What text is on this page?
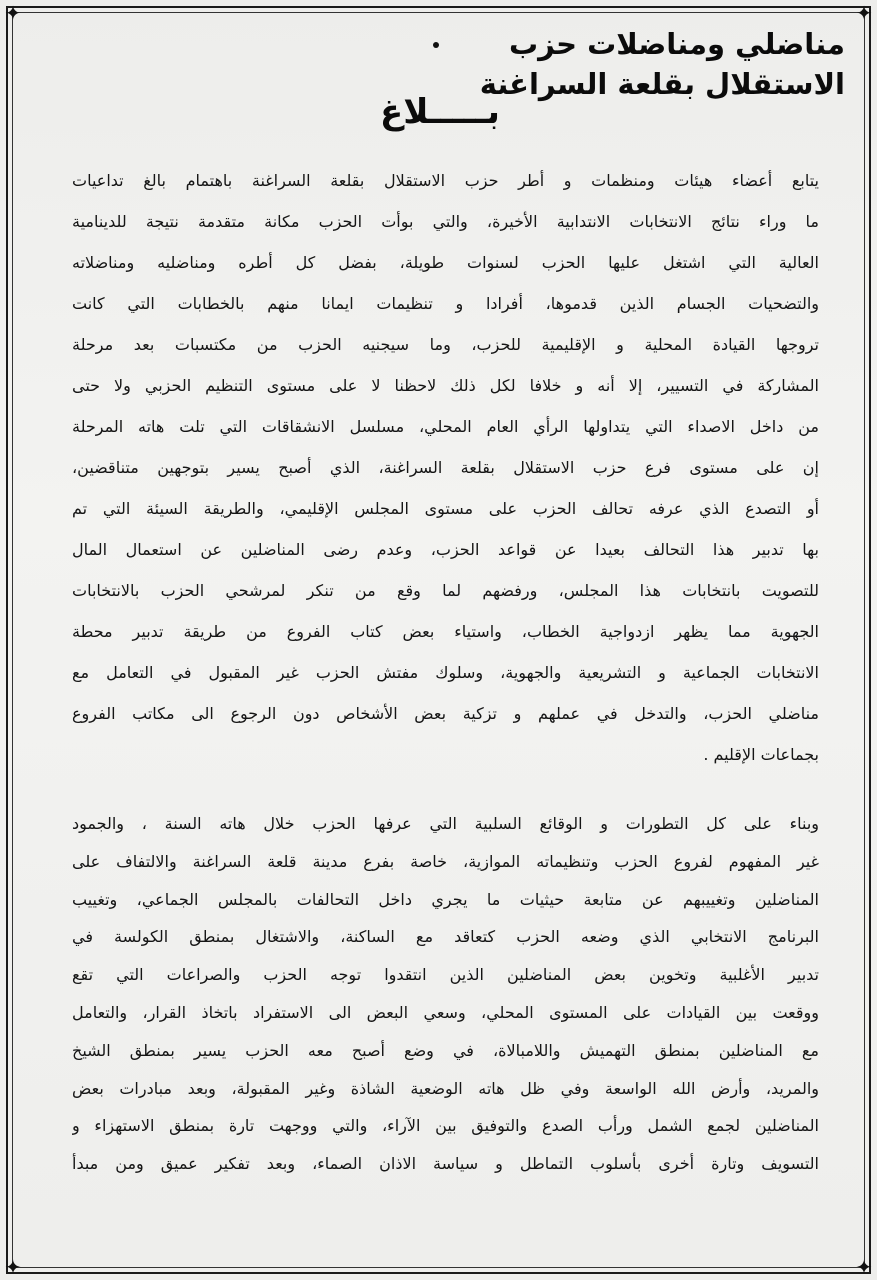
✦	✦
✦	✦
مناضلي ومناضلات حزب
الاستقلال بقلعة السراغنة
بـــــلاغ
يتابع أعضاء هيئات ومنظمات و أطر حزب الاستقلال بقلعة السراغنة باهتمام بالغ تداعيات
ما وراء نتائج الانتخابات الانتدابية الأخيرة، والتي بوأت الحزب مكانة متقدمة نتيجة للدينامية
العالية التي اشتغل عليها الحزب لسنوات طويلة، بفضل كل أطره ومناضليه ومناضلاته
والتضحيات الجسام الذين قدموها، أفرادا و تنظيمات ايمانا منهم بالخطابات التي كانت
تروجها القيادة المحلية و الإقليمية للحزب، وما سيجنيه الحزب من مكتسبات بعد مرحلة
المشاركة في التسيير، إلا أنه و خلافا لكل ذلك لاحظنا لا على مستوى التنظيم الحزبي ولا حتى
من داخل الاصداء التي يتداولها الرأي العام المحلي، مسلسل الانشقاقات التي تلت هاته المرحلة
إن على مستوى فرع حزب الاستقلال بقلعة السراغنة، الذي أصبح يسير بتوجهين متناقضين،
أو التصدع الذي عرفه تحالف الحزب على مستوى المجلس الإقليمي، والطريقة السيئة التي تم
بها تدبير هذا التحالف بعيدا عن قواعد الحزب، وعدم رضى المناضلين عن استعمال المال
للتصويت بانتخابات هذا المجلس، ورفضهم لما وقع من تنكر لمرشحي الحزب بالانتخابات
الجهوية مما يظهر ازدواجية الخطاب، واستياء بعض كتاب الفروع من طريقة تدبير محطة
الانتخابات الجماعية و التشريعية والجهوية، وسلوك مفتش الحزب غير المقبول في التعامل مع
مناضلي الحزب، والتدخل في عملهم و تزكية بعض الأشخاص دون الرجوع الى مكاتب الفروع
بجماعات الإقليم .
وبناء على كل التطورات و الوقائع السلبية التي عرفها الحزب خلال هاته السنة ، والجمود
غير المفهوم لفروع الحزب وتنظيماته الموازية، خاصة بفرع مدينة قلعة السراغنة والالتفاف على
المناضلين وتغييبهم عن متابعة حيثيات ما يجري داخل التحالفات بالمجلس الجماعي، وتغييب
البرنامج الانتخابي الذي وضعه الحزب كتعاقد مع الساكنة، والاشتغال بمنطق الكولسة في
تدبير الأغلبية وتخوين بعض المناضلين الذين انتقدوا توجه الحزب والصراعات التي تقع
ووقعت بين القيادات على المستوى المحلي، وسعي البعض الى الاستفراد باتخاذ القرار، والتعامل
مع المناضلين بمنطق التهميش واللامبالاة، في وضع أصبح معه الحزب يسير بمنطق الشيخ
والمريد، وأرض الله الواسعة وفي ظل هاته الوضعية الشاذة وغير المقبولة، وبعد مبادرات بعض
المناضلين لجمع الشمل ورأب الصدع والتوفيق بين الآراء، والتي ووجهت تارة بمنطق الاستهزاء و
التسويف وتارة أخرى بأسلوب التماطل و سياسة الاذان الصماء، وبعد تفكير عميق ومن مبدأ
